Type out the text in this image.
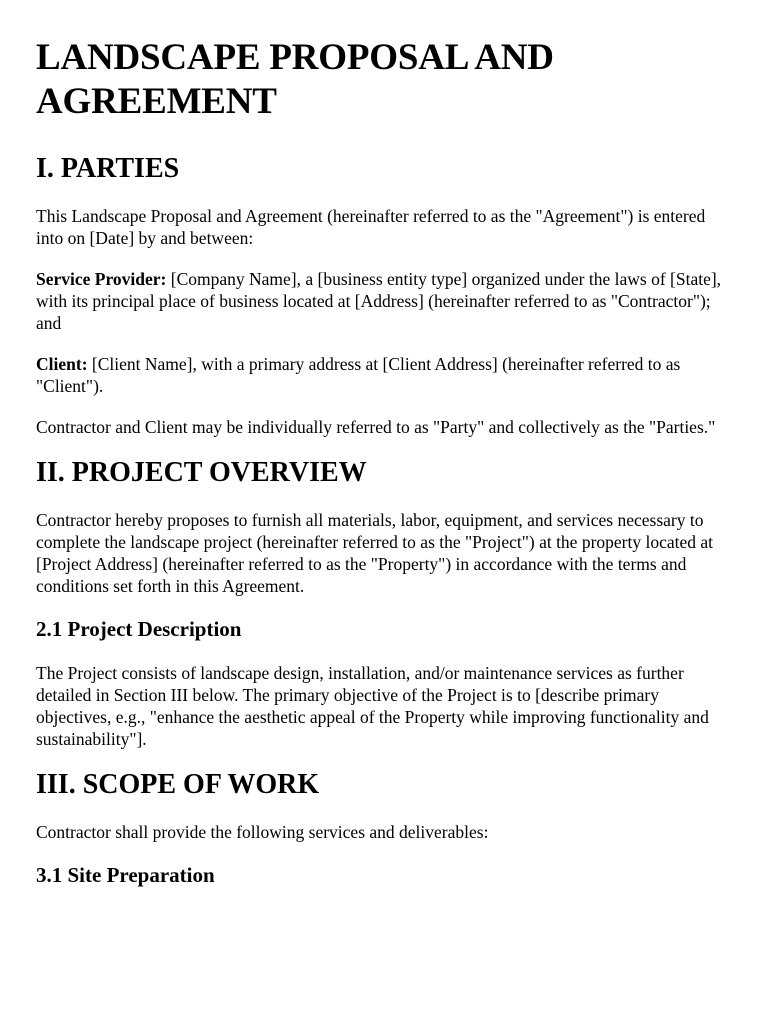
LANDSCAPE PROPOSAL AND AGREEMENT
I. PARTIES

This Landscape Proposal and Agreement (hereinafter referred to as the "Agreement") is entered into on [Date] by and between:

Service Provider: [Company Name], a [business entity type] organized under the laws of [State], with its principal place of business located at [Address] (hereinafter referred to as "Contractor"); and

Client: [Client Name], with a primary address at [Client Address] (hereinafter referred to as "Client").

Contractor and Client may be individually referred to as "Party" and collectively as the "Parties."

II. PROJECT OVERVIEW

Contractor hereby proposes to furnish all materials, labor, equipment, and services necessary to complete the landscape project (hereinafter referred to as the "Project") at the property located at [Project Address] (hereinafter referred to as the "Property") in accordance with the terms and conditions set forth in this Agreement.

2.1 Project Description

The Project consists of landscape design, installation, and/or maintenance services as further detailed in Section III below. The primary objective of the Project is to [describe primary objectives, e.g., "enhance the aesthetic appeal of the Property while improving functionality and sustainability"].

III. SCOPE OF WORK

Contractor shall provide the following services and deliverables:

3.1 Site Preparation
